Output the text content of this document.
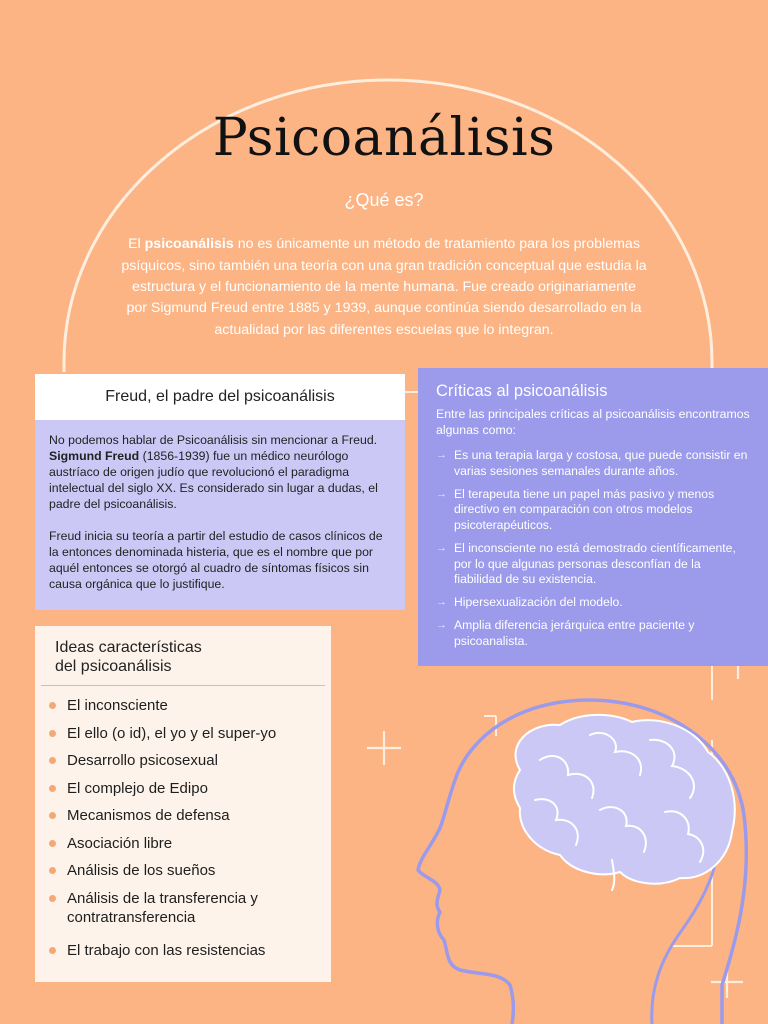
Psicoanálisis
¿Qué es?

El psicoanálisis no es únicamente un método de tratamiento para los problemas psíquicos, sino también una teoría con una gran tradición conceptual que estudia la estructura y el funcionamiento de la mente humana. Fue creado originariamente por Sigmund Freud entre 1885 y 1939, aunque continúa siendo desarrollado en la actualidad por las diferentes escuelas que lo integran.

Freud, el padre del psicoanálisis

No podemos hablar de Psicoanálisis sin mencionar a Freud. Sigmund Freud (1856-1939) fue un médico neurólogo austríaco de origen judío que revolucionó el paradigma intelectual del siglo XX. Es considerado sin lugar a dudas, el padre del psicoanálisis.

Freud inicia su teoría a partir del estudio de casos clínicos de la entonces denominada histeria, que es el nombre que por aquél entonces se otorgó al cuadro de síntomas físicos sin causa orgánica que lo justifique.

Críticas al psicoanálisis

Entre las principales críticas al psicoanálisis encontramos algunas como:

→ Es una terapia larga y costosa, que puede consistir en varias sesiones semanales durante años.
→ El terapeuta tiene un papel más pasivo y menos directivo en comparación con otros modelos psicoterapéuticos.
→ El inconsciente no está demostrado científicamente, por lo que algunas personas desconfían de la fiabilidad de su existencia.
→ Hipersexualización del modelo.
→ Amplia diferencia jerárquica entre paciente y psicoanalista.
Ideas características
del psicoanálisis
El inconsciente
El ello (o id), el yo y el super-yo
Desarrollo psicosexual
El complejo de Edipo
Mecanismos de defensa
Asociación libre
Análisis de los sueños
Análisis de la transferencia y contratransferencia
El trabajo con las resistencias
